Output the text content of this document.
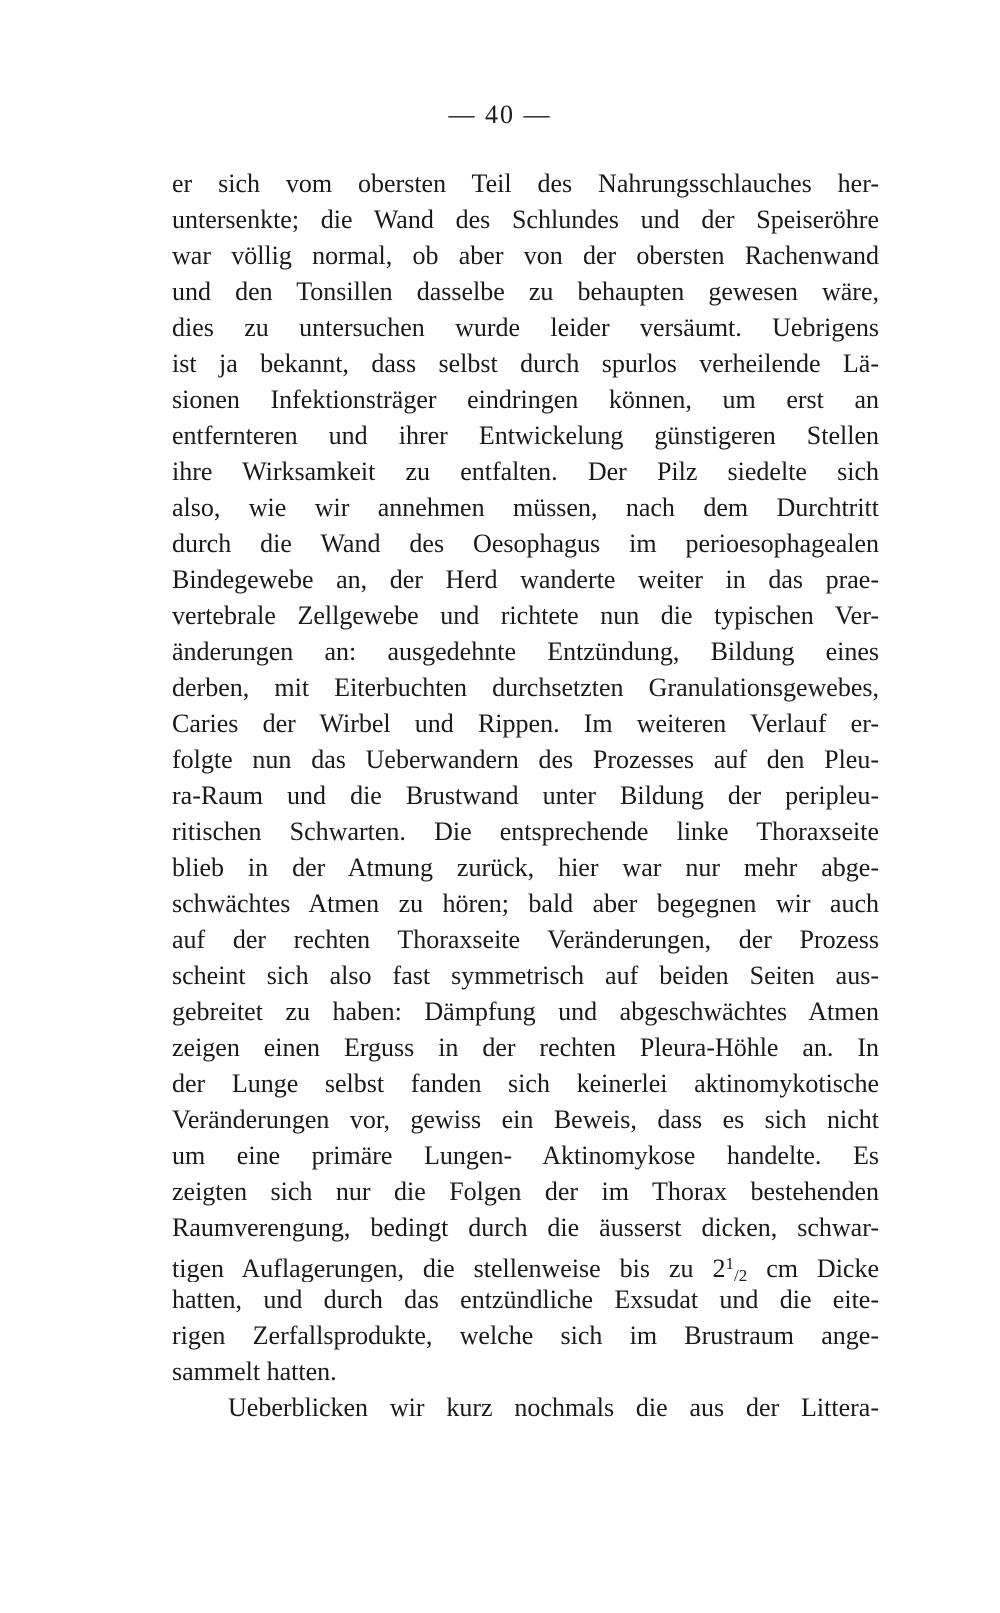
— 40 —
er sich vom obersten Teil des Nahrungsschlauches her-
untersenkte; die Wand des Schlundes und der Speiseröhre
war völlig normal, ob aber von der obersten Rachenwand
und den Tonsillen dasselbe zu behaupten gewesen wäre,
dies zu untersuchen wurde leider versäumt. Uebrigens
ist ja bekannt, dass selbst durch spurlos verheilende Lä-
sionen Infektionsträger eindringen können, um erst an
entfernteren und ihrer Entwickelung günstigeren Stellen
ihre Wirksamkeit zu entfalten. Der Pilz siedelte sich
also, wie wir annehmen müssen, nach dem Durchtritt
durch die Wand des Oesophagus im perioesophagealen
Bindegewebe an, der Herd wanderte weiter in das prae-
vertebrale Zellgewebe und richtete nun die typischen Ver-
änderungen an: ausgedehnte Entzündung, Bildung eines
derben, mit Eiterbuchten durchsetzten Granulationsgewebes,
Caries der Wirbel und Rippen. Im weiteren Verlauf er-
folgte nun das Ueberwandern des Prozesses auf den Pleu-
ra-Raum und die Brustwand unter Bildung der peripleu-
ritischen Schwarten. Die entsprechende linke Thoraxseite
blieb in der Atmung zurück, hier war nur mehr abge-
schwächtes Atmen zu hören; bald aber begegnen wir auch
auf der rechten Thoraxseite Veränderungen, der Prozess
scheint sich also fast symmetrisch auf beiden Seiten aus-
gebreitet zu haben: Dämpfung und abgeschwächtes Atmen
zeigen einen Erguss in der rechten Pleura-Höhle an. In
der Lunge selbst fanden sich keinerlei aktinomykotische
Veränderungen vor, gewiss ein Beweis, dass es sich nicht
um eine primäre Lungen- Aktinomykose handelte. Es
zeigten sich nur die Folgen der im Thorax bestehenden
Raumverengung, bedingt durch die äusserst dicken, schwar-
tigen Auflagerungen, die stellenweise bis zu $2^1/2$ cm Dicke
hatten, und durch das entzündliche Exsudat und die eite-
rigen Zerfallsprodukte, welche sich im Brustraum ange-
sammelt hatten.
Ueberblicken wir kurz nochmals die aus der Littera-
